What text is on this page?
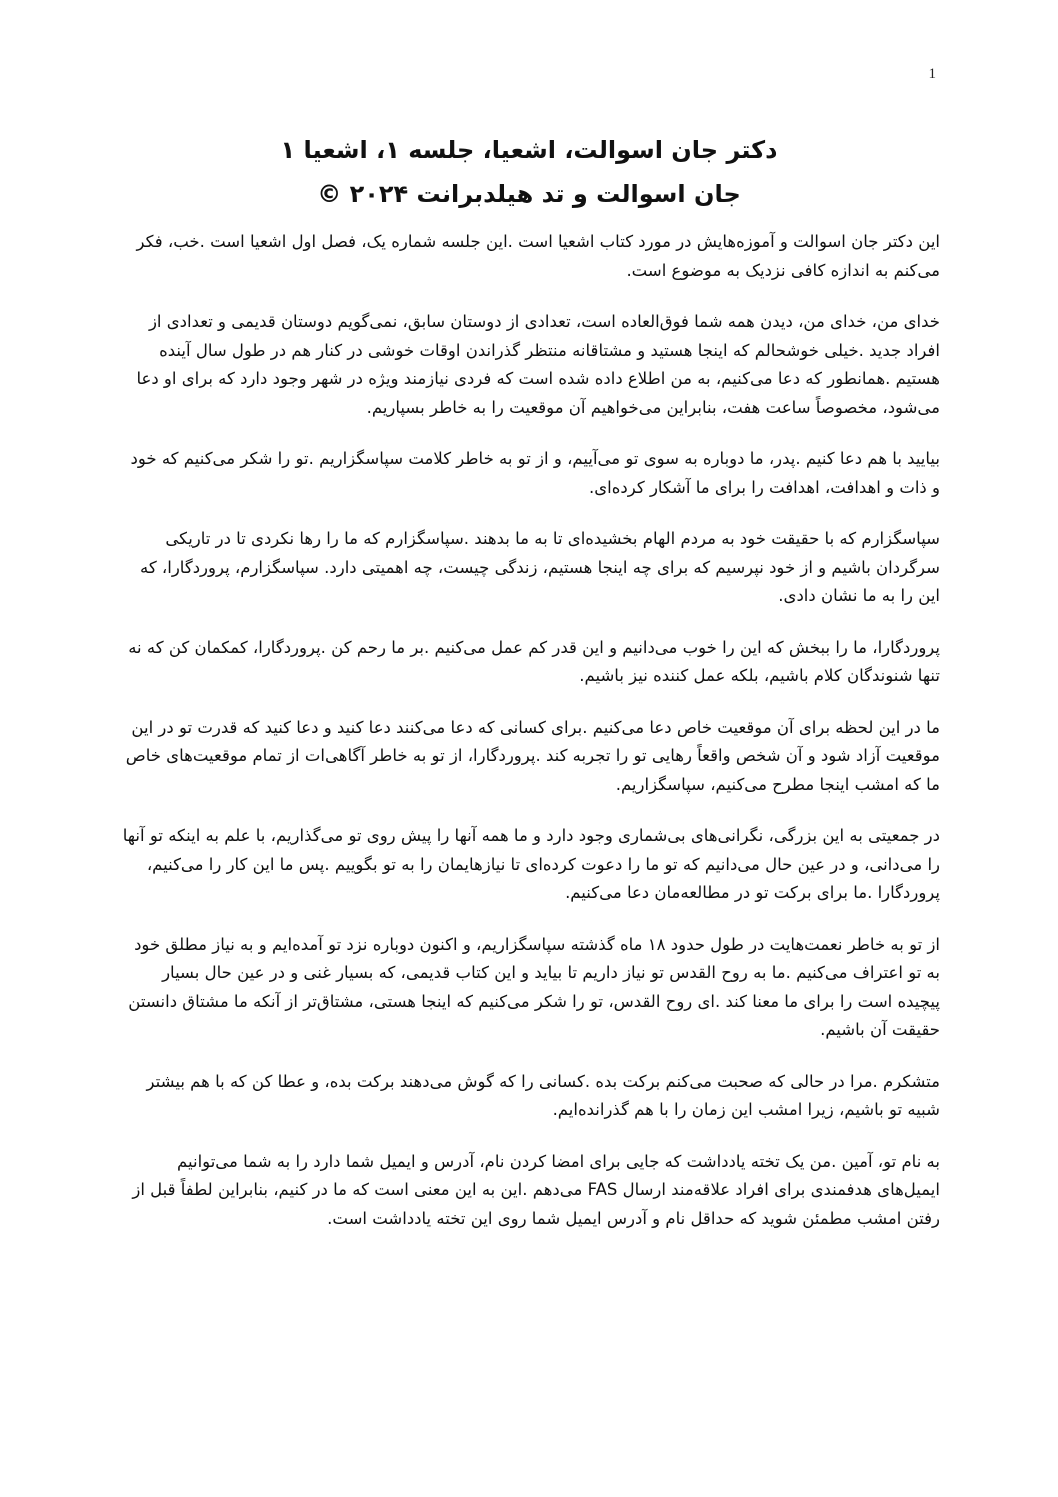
1

دکتر جان اسوالت، اشعیا، جلسه ۱، اشعیا ۱

جان اسوالت و تد هیلدبرانت ۲۰۲۴ ©

این دکتر جان اسوالت و آموزه‌هایش در مورد کتاب اشعیا است .این جلسه شماره یک، فصل اول اشعیا است .خب، فکر می‌کنم به اندازه کافی نزدیک به موضوع است.

خدای من، خدای من، دیدن همه شما فوق‌العاده است، تعدادی از دوستان سابق، نمی‌گویم دوستان قدیمی و تعدادی از افراد جدید .خیلی خوشحالم که اینجا هستید و مشتاقانه منتظر گذراندن اوقات خوشی در کنار هم در طول سال آینده هستیم .همانطور که دعا می‌کنیم، به من اطلاع داده شده است که فردی نیازمند ویژه در شهر وجود دارد که برای او دعا می‌شود، مخصوصاً ساعت هفت، بنابراین می‌خواهیم آن موقعیت را به خاطر بسپاریم.

بیایید با هم دعا کنیم .پدر، ما دوباره به سوی تو می‌آییم، و از تو به خاطر کلامت سپاسگزاریم .تو را شکر می‌کنیم که خود و ذات و اهدافت، اهدافت را برای ما آشکار کرده‌ای.

سپاسگزارم که با حقیقت خود به مردم الهام بخشیده‌ای تا به ما بدهند .سپاسگزارم که ما را رها نکردی تا در تاریکی سرگردان باشیم و از خود نپرسیم که برای چه اینجا هستیم، زندگی چیست، چه اهمیتی دارد. سپاسگزارم، پروردگارا، که این را به ما نشان دادی.

پروردگارا، ما را ببخش که این را خوب می‌دانیم و این قدر کم عمل می‌کنیم .بر ما رحم کن .پروردگارا، کمکمان کن که نه تنها شنوندگان کلام باشیم، بلکه عمل کننده نیز باشیم.

ما در این لحظه برای آن موقعیت خاص دعا می‌کنیم .برای کسانی که دعا می‌کنند دعا کنید و دعا کنید که قدرت تو در این موقعیت آزاد شود و آن شخص واقعاً رهایی تو را تجربه کند .پروردگارا، از تو به خاطر آگاهی‌ات از تمام موقعیت‌های خاص ما که امشب اینجا مطرح می‌کنیم، سپاسگزاریم.

در جمعیتی به این بزرگی، نگرانی‌های بی‌شماری وجود دارد و ما همه آنها را پیش روی تو می‌گذاریم، با علم به اینکه تو آنها را می‌دانی، و در عین حال می‌دانیم که تو ما را دعوت کرده‌ای تا نیازهایمان را به تو بگوییم .پس ما این کار را می‌کنیم، پروردگارا .ما برای برکت تو در مطالعه‌مان دعا می‌کنیم.

از تو به خاطر نعمت‌هایت در طول حدود ۱۸ ماه گذشته سپاسگزاریم، و اکنون دوباره نزد تو آمده‌ایم و به نیاز مطلق خود به تو اعتراف می‌کنیم .ما به روح القدس تو نیاز داریم تا بیاید و این کتاب قدیمی، که بسیار غنی و در عین حال بسیار پیچیده است را برای ما معنا کند .ای روح القدس، تو را شکر می‌کنیم که اینجا هستی، مشتاق‌تر از آنکه ما مشتاق دانستن حقیقت آن باشیم.

متشکرم .مرا در حالی که صحبت می‌کنم برکت بده .کسانی را که گوش می‌دهند برکت بده، و عطا کن که با هم بیشتر شبیه تو باشیم، زیرا امشب این زمان را با هم گذرانده‌ایم.

به نام تو، آمین .من یک تخته یادداشت که جایی برای امضا کردن نام، آدرس و ایمیل شما دارد را به شما می‌توانیم ایمیل‌های هدفمندی برای افراد علاقه‌مند ارسال FAS می‌دهم .این به این معنی است که ما در کنیم، بنابراین لطفاً قبل از رفتن امشب مطمئن شوید که حداقل نام و آدرس ایمیل شما روی این تخته یادداشت است.
